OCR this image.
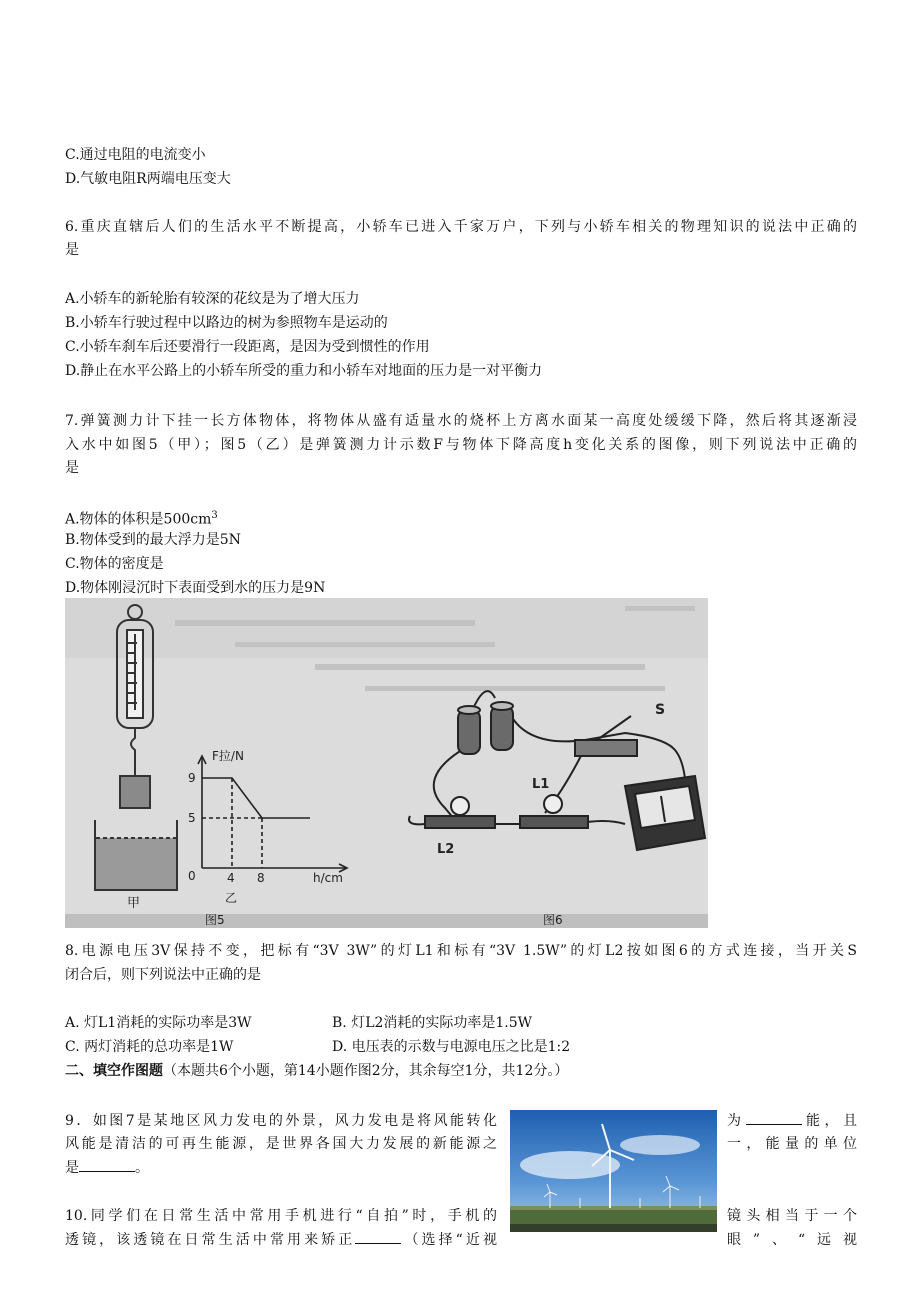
C.通过电阻的电流变小
D.气敏电阻R两端电压变大
6.重庆直辖后人们的生活水平不断提高，小轿车已进入千家万户，下列与小轿车相关的物理知识的说法中正确的
是
A.小轿车的新轮胎有较深的花纹是为了增大压力
B.小轿车行驶过程中以路边的树为参照物车是运动的
C.小轿车刹车后还要滑行一段距离，是因为受到惯性的作用
D.静止在水平公路上的小轿车所受的重力和小轿车对地面的压力是一对平衡力
7.弹簧测力计下挂一长方体物体，将物体从盛有适量水的烧杯上方离水面某一高度处缓缓下降，然后将其逐渐浸
入水中如图5（甲）；图5（乙）是弹簧测力计示数F与物体下降高度h变化关系的图像，则下列说法中正确的
是
A.物体的体积是$500cm^3$
B.物体受到的最大浮力是5N
C.物体的密度是
D.物体刚浸沉时下表面受到水的压力是9N
甲
F拉/N
9
5
0	4 8	h/cm
乙
图5
S
L1
L2
图6
8.电源电压3V保持不变，把标有“3V 3W”的灯L1和标有“3V 1.5W”的灯L2按如图6的方式连接，当开关S
闭合后，则下列说法中正确的是
A. 灯L1消耗的实际功率是3W	B. 灯L2消耗的实际功率是1.5W
C. 两灯消耗的总功率是1W	D. 电压表的示数与电源电压之比是1:2
二、填空作图题（本题共6个小题，第14小题作图2分，其余每空1分，共12分。）
9．如图7是某地区风力发电的外景，风力发电是将风能转化	为	能，且
风能是清洁的可再生能源，是世界各国大力发展的新能源之	一，能量的单位
是	。
10.同学们在日常生活中常用手机进行“自拍”时，手机的	镜头相当于一个
透镜，该透镜在日常生活中常用来矫正	（选择“近视	眼”、“远视
